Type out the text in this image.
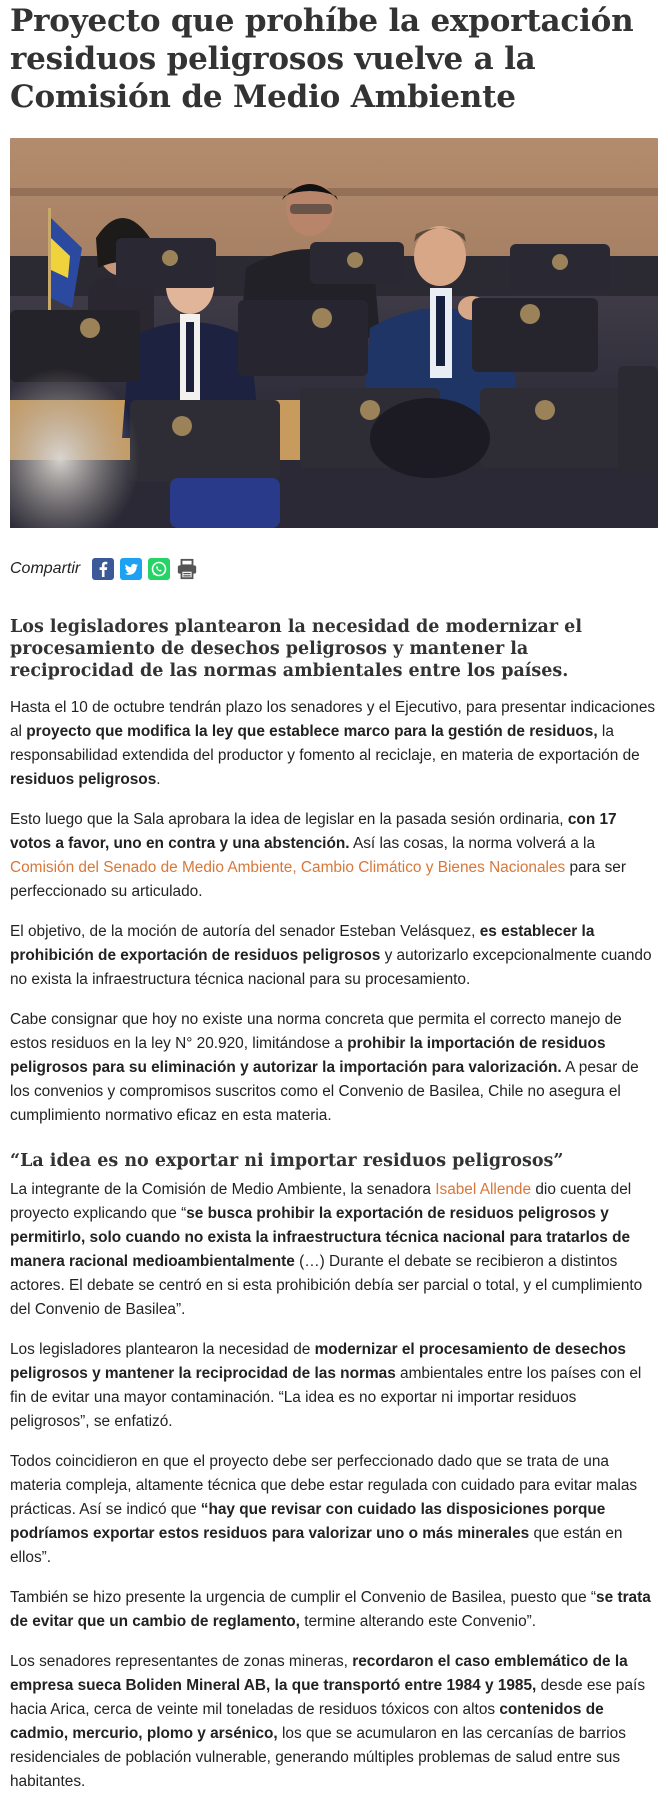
Proyecto que prohíbe la exportación residuos peligrosos vuelve a la Comisión de Medio Ambiente
Compartir
Los legisladores plantearon la necesidad de modernizar el procesamiento de desechos peligrosos y mantener la reciprocidad de las normas ambientales entre los países.

Hasta el 10 de octubre tendrán plazo los senadores y el Ejecutivo, para presentar indicaciones al proyecto que modifica la ley que establece marco para la gestión de residuos, la responsabilidad extendida del productor y fomento al reciclaje, en materia de exportación de residuos peligrosos.

Esto luego que la Sala aprobara la idea de legislar en la pasada sesión ordinaria, con 17 votos a favor, uno en contra y una abstención. Así las cosas, la norma volverá a la Comisión del Senado de Medio Ambiente, Cambio Climático y Bienes Nacionales para ser perfeccionado su articulado.

El objetivo, de la moción de autoría del senador Esteban Velásquez, es establecer la prohibición de exportación de residuos peligrosos y autorizarlo excepcionalmente cuando no exista la infraestructura técnica nacional para su procesamiento.

Cabe consignar que hoy no existe una norma concreta que permita el correcto manejo de estos residuos en la ley N° 20.920, limitándose a prohibir la importación de residuos peligrosos para su eliminación y autorizar la importación para valorización. A pesar de los convenios y compromisos suscritos como el Convenio de Basilea, Chile no asegura el cumplimiento normativo eficaz en esta materia.

“La idea es no exportar ni importar residuos peligrosos”

La integrante de la Comisión de Medio Ambiente, la senadora Isabel Allende dio cuenta del proyecto explicando que “se busca prohibir la exportación de residuos peligrosos y permitirlo, solo cuando no exista la infraestructura técnica nacional para tratarlos de manera racional medioambientalmente (…) Durante el debate se recibieron a distintos actores. El debate se centró en si esta prohibición debía ser parcial o total, y el cumplimiento del Convenio de Basilea”.

Los legisladores plantearon la necesidad de modernizar el procesamiento de desechos peligrosos y mantener la reciprocidad de las normas ambientales entre los países con el fin de evitar una mayor contaminación. “La idea es no exportar ni importar residuos peligrosos”, se enfatizó.

Todos coincidieron en que el proyecto debe ser perfeccionado dado que se trata de una materia compleja, altamente técnica que debe estar regulada con cuidado para evitar malas prácticas. Así se indicó que “hay que revisar con cuidado las disposiciones porque podríamos exportar estos residuos para valorizar uno o más minerales que están en ellos”.

También se hizo presente la urgencia de cumplir el Convenio de Basilea, puesto que “se trata de evitar que un cambio de reglamento, termine alterando este Convenio”.

Los senadores representantes de zonas mineras, recordaron el caso emblemático de la empresa sueca Boliden Mineral AB, la que transportó entre 1984 y 1985, desde ese país hacia Arica, cerca de veinte mil toneladas de residuos tóxicos con altos contenidos de cadmio, mercurio, plomo y arsénico, los que se acumularon en las cercanías de barrios residenciales de población vulnerable, generando múltiples problemas de salud entre sus habitantes.
